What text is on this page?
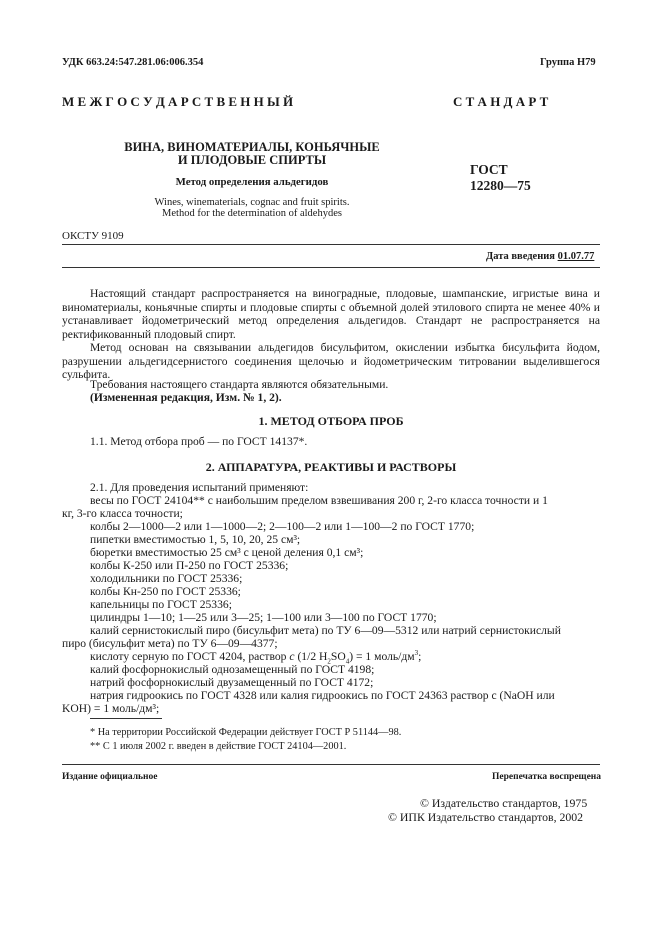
УДК 663.24:547.281.06:006.354	Группа Н79
М Е Ж Г О С У Д А Р С Т В Е Н Н Ы Й	С Т А Н Д А Р Т
ВИНА, ВИНОМАТЕРИАЛЫ, КОНЬЯЧНЫЕ
И ПЛОДОВЫЕ СПИРТЫ
Метод определения альдегидов
Wines, winematerials, cognac and fruit spirits.
Method for the determination of aldehydes
ГОСТ
12280—75
ОКСТУ 9109
Дата введения 01.07.77
Настоящий стандарт распространяется на виноградные, плодовые, шампанские, игристые вина и виноматериалы, коньячные спирты и плодовые спирты с объемной долей этилового спирта не менее 40% и устанавливает йодометрический метод определения альдегидов. Стандарт не распространяется на ректификованный плодовый спирт.
Метод основан на связывании альдегидов бисульфитом, окислении избытка бисульфита йодом, разрушении альдегидсернистого соединения щелочью и йодометрическим титровании выделившегося сульфита.
Требования настоящего стандарта являются обязательными.
(Измененная редакция, Изм. № 1, 2).
1. МЕТОД ОТБОРА ПРОБ
1.1. Метод отбора проб — по ГОСТ 14137*.
2. АППАРАТУРА, РЕАКТИВЫ И РАСТВОРЫ
2.1. Для проведения испытаний применяют:
весы по ГОСТ 24104** с наибольшим пределом взвешивания 200 г, 2-го класса точности и 1
кг, 3-го класса точности;
колбы 2—1000—2 или 1—1000—2; 2—100—2 или 1—100—2 по ГОСТ 1770;
пипетки вместимостью 1, 5, 10, 20, 25 см³;
бюретки вместимостью 25 см³ с ценой деления 0,1 см³;
колбы К-250 или П-250 по ГОСТ 25336;
холодильники по ГОСТ 25336;
колбы Кн-250 по ГОСТ 25336;
капельницы по ГОСТ 25336;
цилиндры 1—10; 1—25 или 3—25; 1—100 или 3—100 по ГОСТ 1770;
калий сернистокислый пиро (бисульфит мета) по ТУ 6—09—5312 или натрий сернистокислый
пиро (бисульфит мета) по ТУ 6—09—4377;
кислоту серную по ГОСТ 4204, раствор c (1/2 $H_2SO_4) = 1$ моль/$дм^3$;
калий фосфорнокислый однозамещенный по ГОСТ 4198;
натрий фосфорнокислый двузамещенный по ГОСТ 4172;
натрия гидроокись по ГОСТ 4328 или калия гидроокись по ГОСТ 24363 раствор c (NaOH или
KOH) = 1 моль/дм³;
* На территории Российской Федерации действует ГОСТ Р 51144—98.
** С 1 июля 2002 г. введен в действие ГОСТ 24104—2001.
Издание официальное	Перепечатка воспрещена
© Издательство стандартов, 1975
© ИПК Издательство стандартов, 2002
